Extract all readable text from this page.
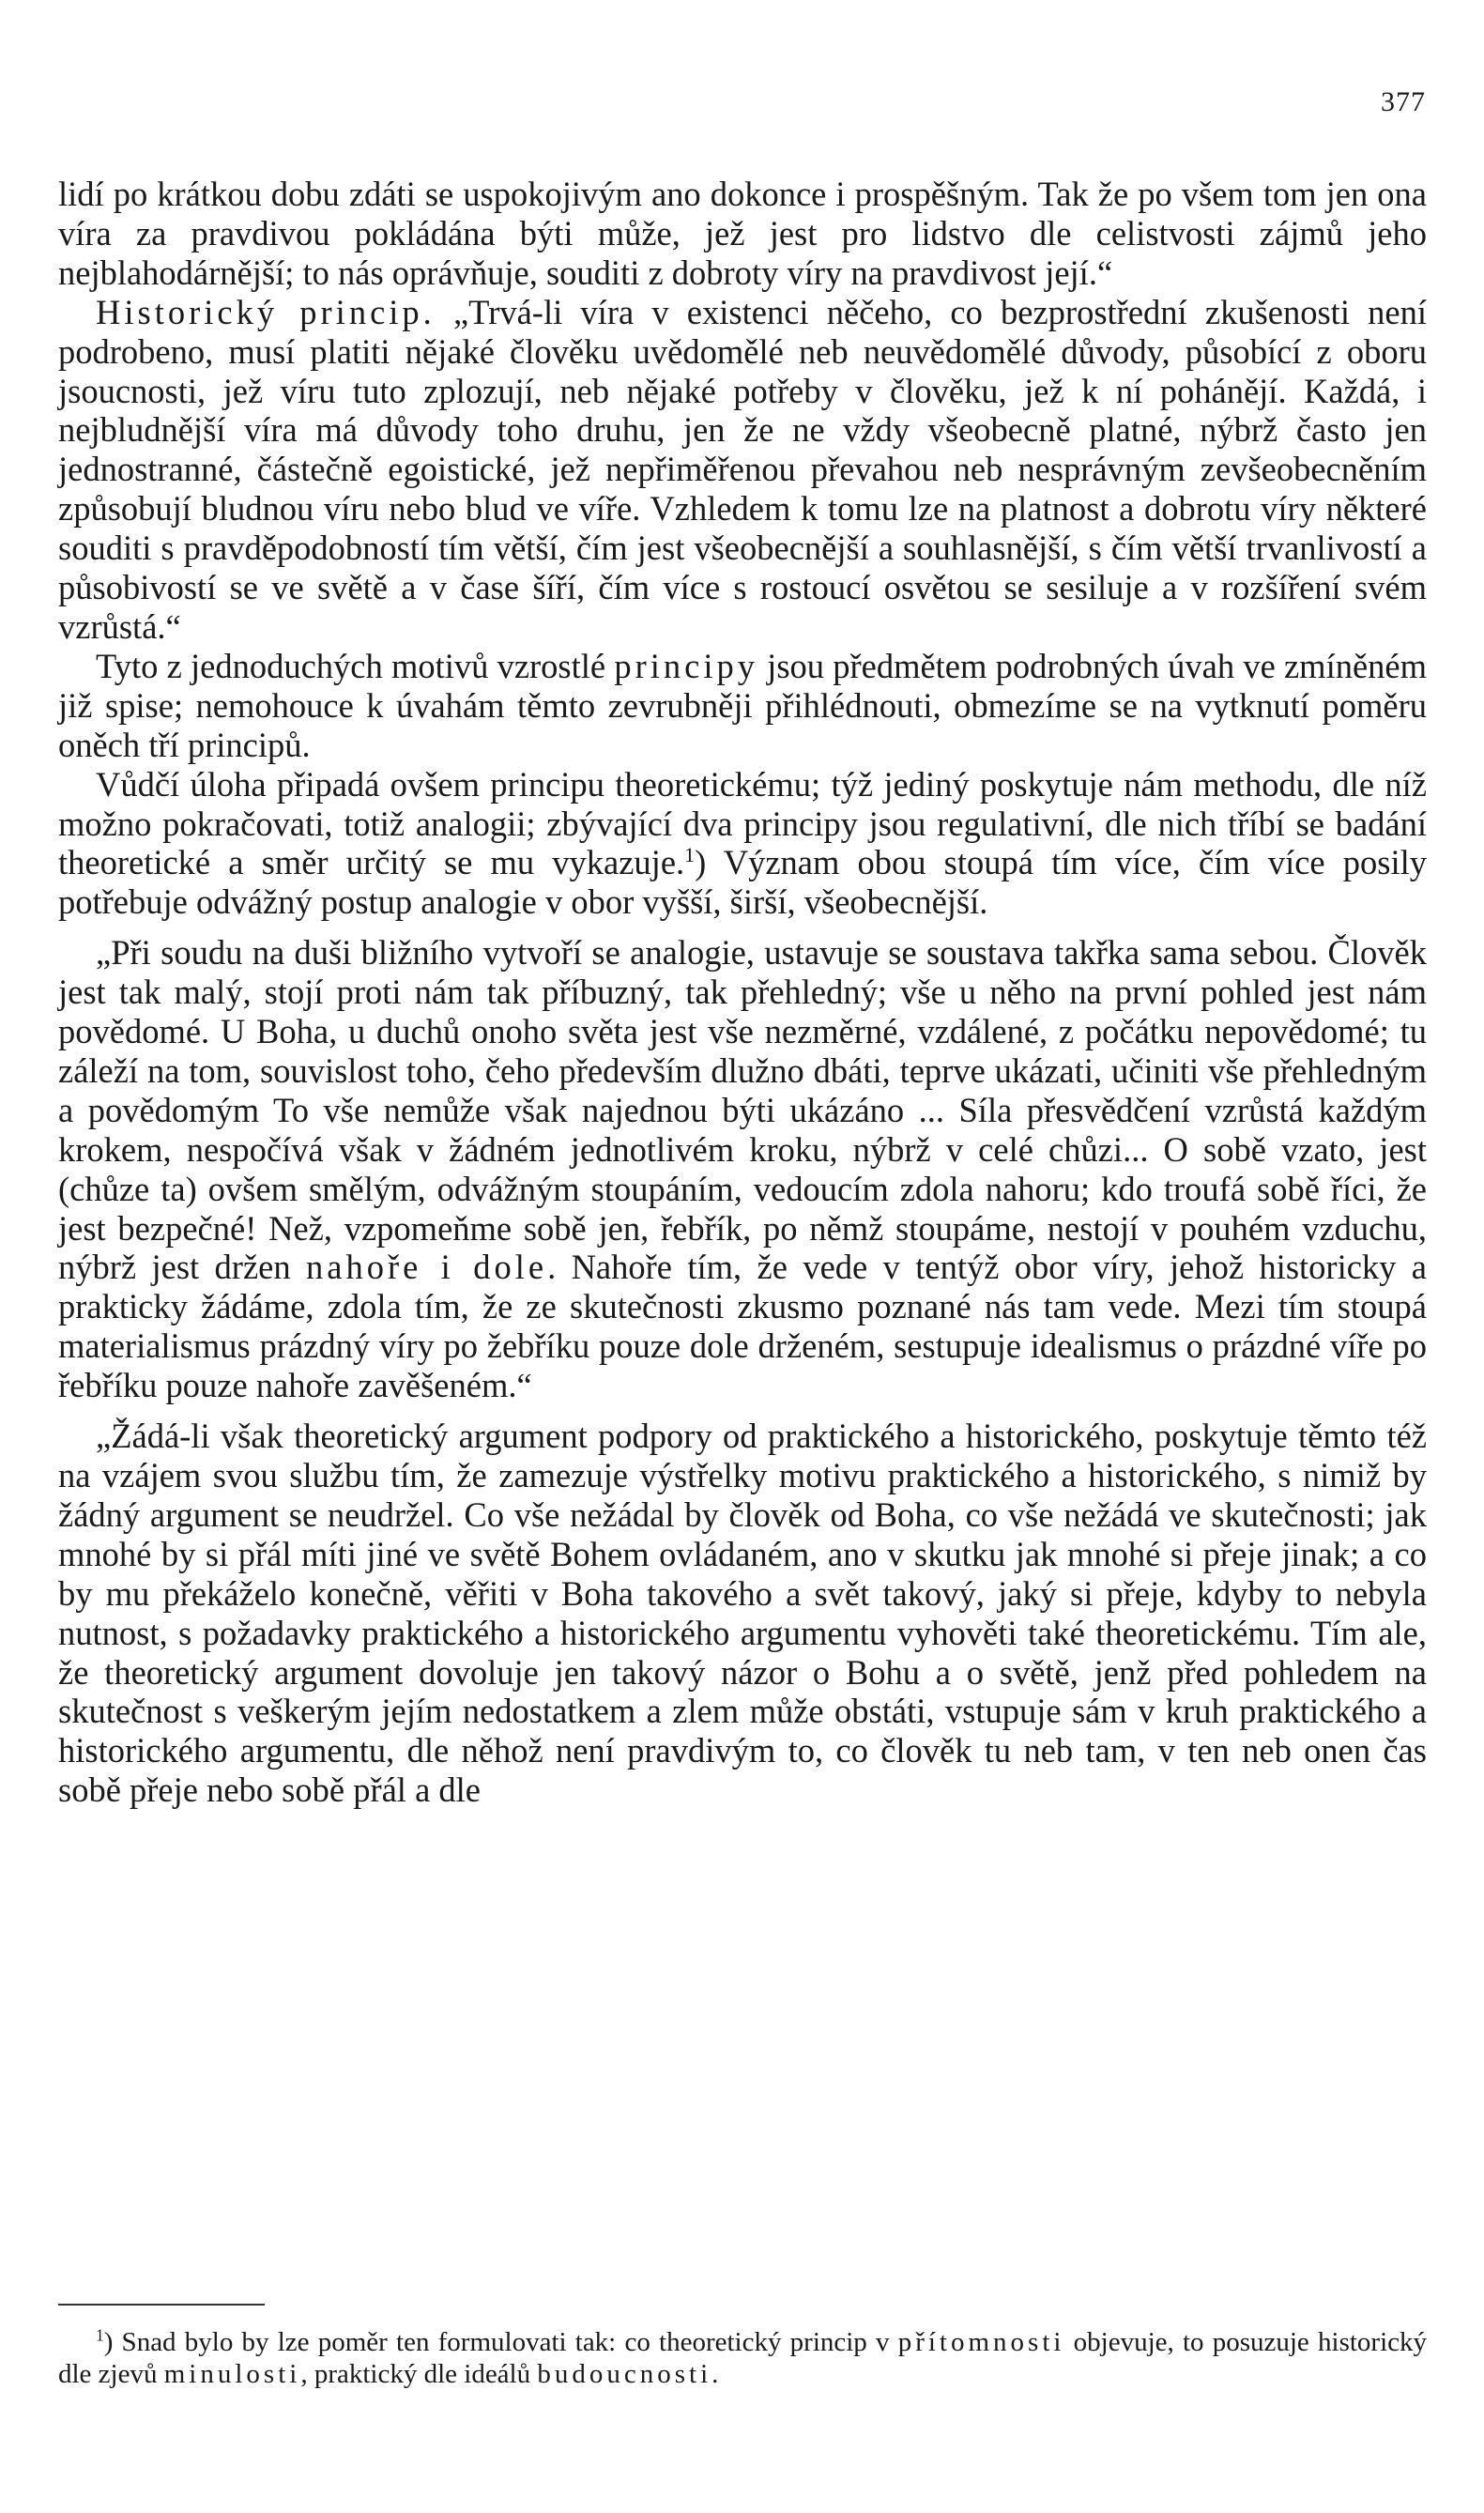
377

lidí po krátkou dobu zdáti se uspokojivým ano dokonce i prospěšným. Tak že po všem tom jen ona víra za pravdivou pokládána býti může, jež jest pro lidstvo dle celistvosti zájmů jeho nejblahodárnější; to nás oprávňuje, souditi z dobroty víry na pravdivost její.“

Historický princip. „Trvá-li víra v existenci něčeho, co bezprostřední zkušenosti není podrobeno, musí platiti nějaké člověku uvědomělé neb neuvědomělé důvody, působící z oboru jsoucnosti, jež víru tuto zplozují, neb nějaké potřeby v člověku, jež k ní pohánějí. Každá, i nejbludnější víra má důvody toho druhu, jen že ne vždy všeobecně platné, nýbrž často jen jednostranné, částečně egoistické, jež nepřiměřenou převahou neb nesprávným zevšeobecněním způsobují bludnou víru nebo blud ve víře. Vzhledem k tomu lze na platnost a dobrotu víry některé souditi s pravděpodobností tím větší, čím jest všeobecnější a souhlasnější, s čím větší trvanlivostí a působivostí se ve světě a v čase šíří, čím více s rostoucí osvětou se sesiluje a v rozšíření svém vzrůstá.“

Tyto z jednoduchých motivů vzrostlé principy jsou předmětem podrobných úvah ve zmíněném již spise; nemohouce k úvahám těmto zevrubněji přihlédnouti, obmezíme se na vytknutí poměru oněch tří principů.

Vůdčí úloha připadá ovšem principu theoretickému; týž jediný poskytuje nám methodu, dle níž možno pokračovati, totiž analogii; zbývající dva principy jsou regulativní, dle nich tříbí se badání theoretické a směr určitý se mu vykazuje.$^1$) Význam obou stoupá tím více, čím více posily potřebuje odvážný postup analogie v obor vyšší, širší, všeobecnější.

„Při soudu na duši bližního vytvoří se analogie, ustavuje se soustava takřka sama sebou. Člověk jest tak malý, stojí proti nám tak příbuzný, tak přehledný; vše u něho na první pohled jest nám povědomé. U Boha, u duchů onoho světa jest vše nezměrné, vzdálené, z počátku nepovědomé; tu záleží na tom, souvislost toho, čeho především dlužno dbáti, teprve ukázati, učiniti vše přehledným a povědomým To vše nemůže však najednou býti ukázáno ... Síla přesvědčení vzrůstá každým krokem, nespočívá však v žádném jednotlivém kroku, nýbrž v celé chůzi... O sobě vzato, jest (chůze ta) ovšem smělým, odvážným stoupáním, vedoucím zdola nahoru; kdo troufá sobě říci, že jest bezpečné! Než, vzpomeňme sobě jen, řebřík, po němž stoupáme, nestojí v pouhém vzduchu, nýbrž jest držen nahoře i dole. Nahoře tím, že vede v tentýž obor víry, jehož historicky a prakticky žádáme, zdola tím, že ze skutečnosti zkusmo poznané nás tam vede. Mezi tím stoupá materialismus prázdný víry po žebříku pouze dole drženém, sestupuje idealismus o prázdné víře po řebříku pouze nahoře zavěšeném.“

„Žádá-li však theoretický argument podpory od praktického a historického, poskytuje těmto též na vzájem svou službu tím, že zamezuje výstřelky motivu praktického a historického, s nimiž by žádný argument se neudržel. Co vše nežádal by člověk od Boha, co vše nežádá ve skutečnosti; jak mnohé by si přál míti jiné ve světě Bohem ovládaném, ano v skutku jak mnohé si přeje jinak; a co by mu překáželo konečně, věřiti v Boha takového a svět takový, jaký si přeje, kdyby to nebyla nutnost, s požadavky praktického a historického argumentu vyhověti také theoretickému. Tím ale, že theoretický argument dovoluje jen takový názor o Bohu a o světě, jenž před pohledem na skutečnost s veškerým jejím nedostatkem a zlem může obstáti, vstupuje sám v kruh praktického a historického argumentu, dle něhož není pravdivým to, co člověk tu neb tam, v ten neb onen čas sobě přeje nebo sobě přál a dle

$^1$) Snad bylo by lze poměr ten formulovati tak: co theoretický princip v přítomnosti objevuje, to posuzuje historický dle zjevů minulosti, praktický dle ideálů budoucnosti.
